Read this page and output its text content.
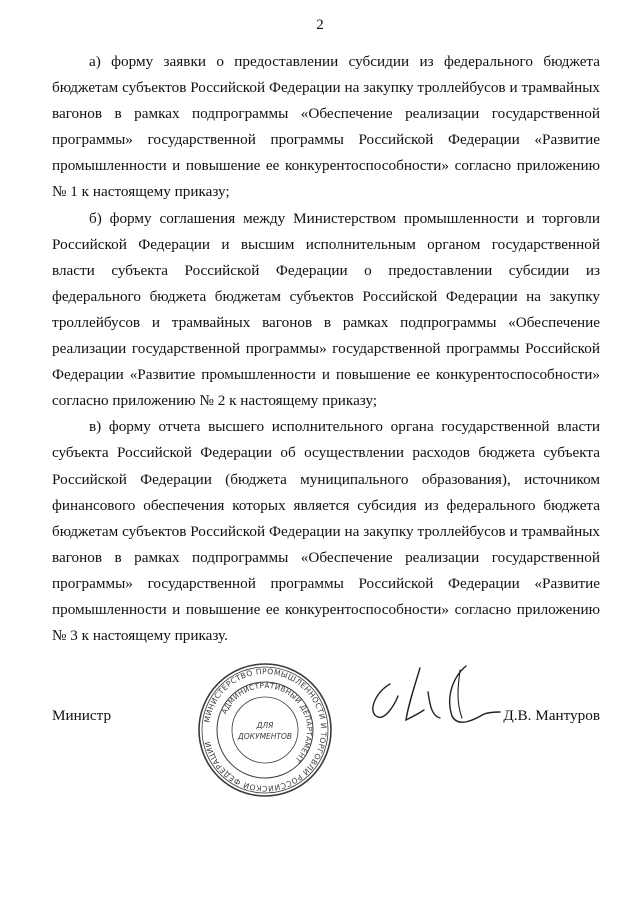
2

а) форму заявки о предоставлении субсидии из федерального бюджета бюджетам субъектов Российской Федерации на закупку троллейбусов и трамвайных вагонов в рамках подпрограммы «Обеспечение реализации государственной программы» государственной программы Российской Федерации «Развитие промышленности и повышение ее конкурентоспособности» согласно приложению № 1 к настоящему приказу;

б) форму соглашения между Министерством промышленности и торговли Российской Федерации и высшим исполнительным органом государственной власти субъекта Российской Федерации о предоставлении субсидии из федерального бюджета бюджетам субъектов Российской Федерации на закупку троллейбусов и трамвайных вагонов в рамках подпрограммы «Обеспечение реализации государственной программы» государственной программы Российской Федерации «Развитие промышленности и повышение ее конкурентоспособности» согласно приложению № 2 к настоящему приказу;

в) форму отчета высшего исполнительного органа государственной власти субъекта Российской Федерации об осуществлении расходов бюджета субъекта Российской Федерации (бюджета муниципального образования), источником финансового обеспечения которых является субсидия из федерального бюджета бюджетам субъектов Российской Федерации на закупку троллейбусов и трамвайных вагонов в рамках подпрограммы «Обеспечение реализации государственной программы» государственной программы Российской Федерации «Развитие промышленности и повышение ее конкурентоспособности» согласно приложению № 3 к настоящему приказу.

Министр	МИНИСТЕРСТВО ПРОМЫШЛЕННОСТИ И ТОРГОВЛИ РОССИЙСКОЙ ФЕДЕРАЦИИ
АДМИНИСТРАТИВНЫЙ ДЕПАРТАМЕНТ
ДЛЯ
ДОКУМЕНТОВ
Д.В. Мантуров
